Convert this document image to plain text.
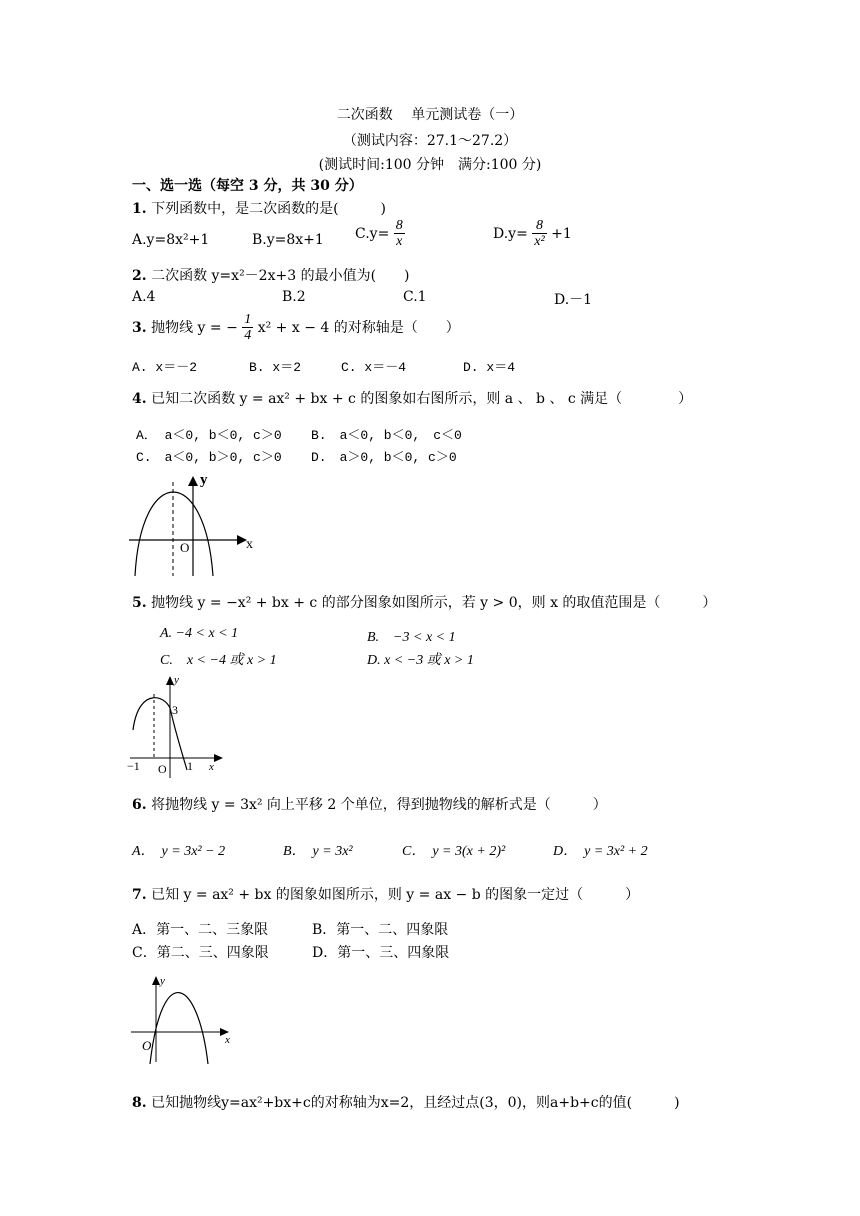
二次函数　 单元测试卷（一）
（测试内容：27.1～27.2）
(测试时间:100 分钟　满分:100 分)
一、选一选（每空 3 分，共 30 分）
1. 下列函数中，是二次函数的是(　　　)
A.y=8x²+1	B.y=8x+1 $C.y= \frac{8}{x}$	$D.y= \frac{8}{\text{x²}} +1$
2. 二次函数 y=x²－2x+3 的最小值为(　　)
A.4	B.2	C.1	D.－1
3. 抛物线 y = − $\frac{1}{4} x^2 + x - 4$ 的对称轴是（　　）
A. x＝－2	B. x＝2	C. x＝－4	D. x＝4
4. 已知二次函数 y = ax² + bx + c 的图象如右图所示，则 a 、 b 、 c 满足（　　　　）
A． a＜0, b＜0, c＞0 B.　a＜0, b＜0,　c＜0
C.　a＜0, b＞0, c＞0 D.　a＞0, b＜0, c＞0
y
x
O
5. 抛物线 y = −x² + bx + c 的部分图象如图所示，若 y > 0，则 x 的取值范围是（　　　）
A. −4 < x < 1	B.　−3 < x < 1
C.　x < −4 或 x > 1	D. x < −3 或 x > 1
y
x
3
−1 O 1
6. 将抛物线 y = 3x² 向上平移 2 个单位，得到抛物线的解析式是（　　　）
A．　y = 3x² − 2	B．　y = 3x²	C．　y = 3(x + 2)²	D．　y = 3x² + 2
7. 已知 y = ax² + bx 的图象如图所示，则 y = ax − b 的图象一定过（　　　）
A．第一、二、三象限	B．第一、二、四象限
C．第二、三、四象限	D．第一、三、四象限
y
x
O
8. 已知抛物线y=ax²+bx+c的对称轴为x=2，且经过点(3，0)，则a+b+c的值(　　　)
